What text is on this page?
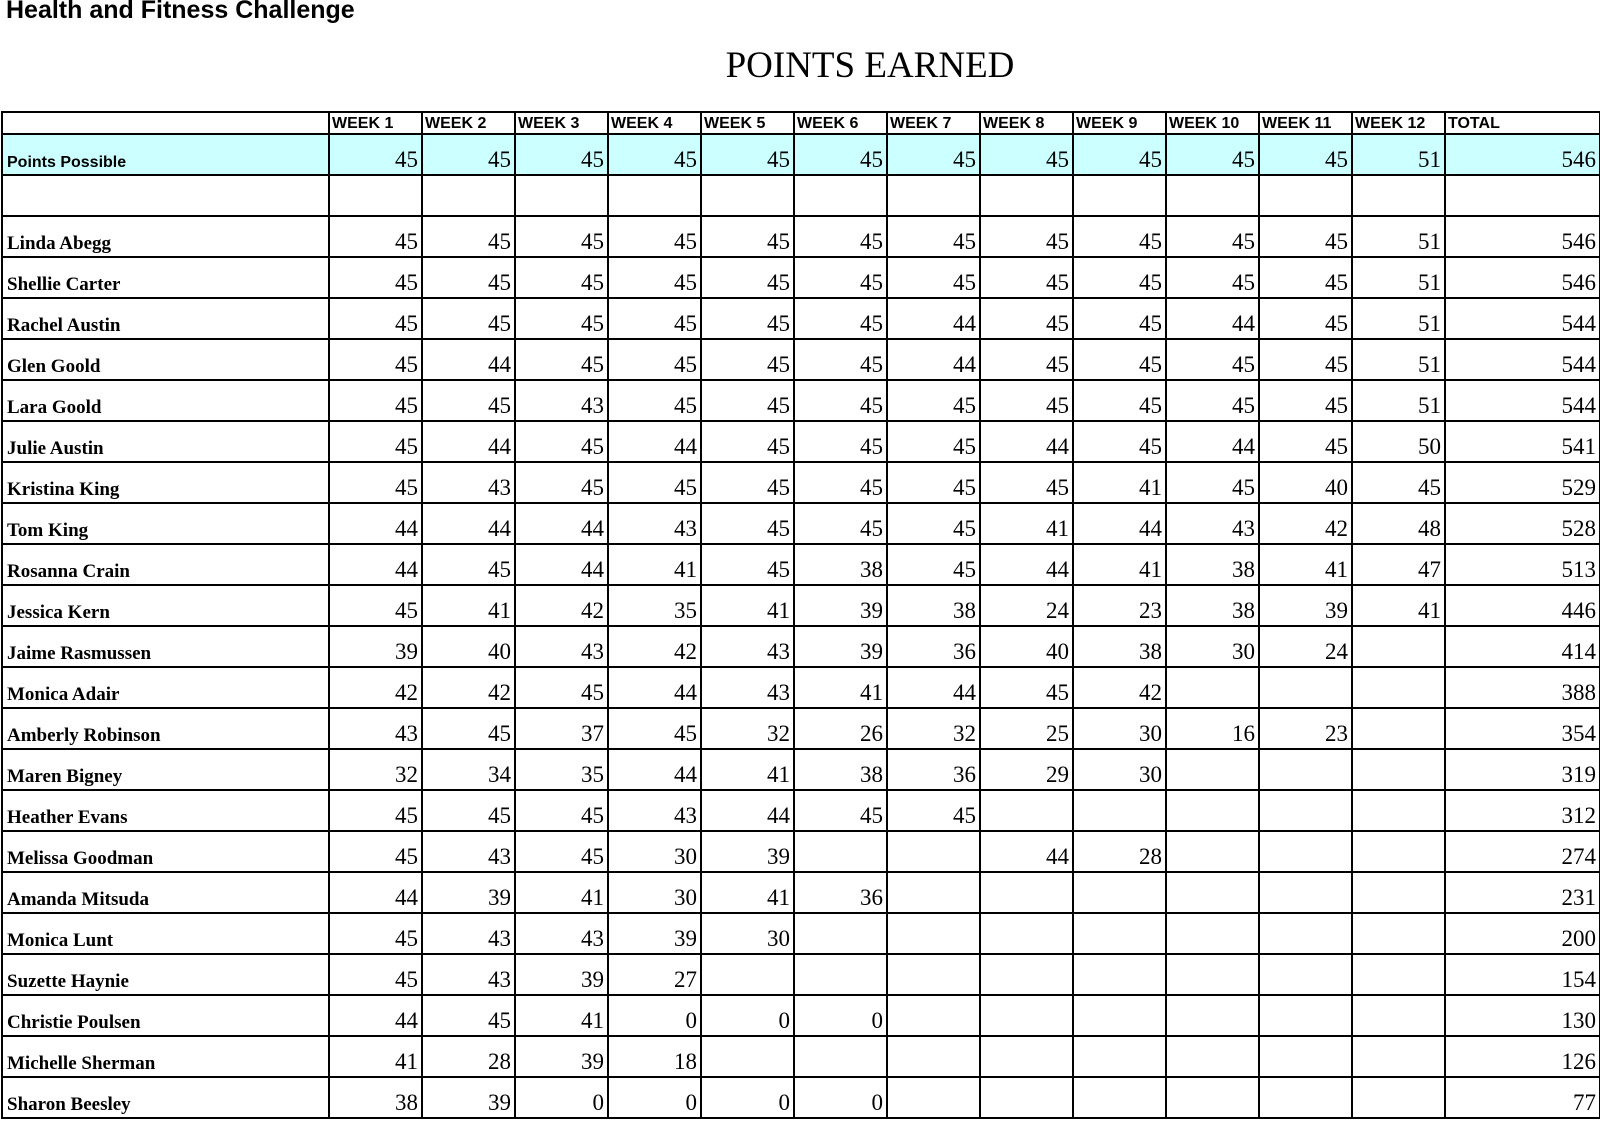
Health and Fitness Challenge
POINTS EARNED
	WEEK 1	WEEK 2	WEEK 3	WEEK 4	WEEK 5	WEEK 6	WEEK 7	WEEK 8	WEEK 9	WEEK 10	WEEK 11	WEEK 12	TOTAL
Points Possible	45	45	45	45	45	45	45	45	45	45	45	51	546

Linda Abegg	45	45	45	45	45	45	45	45	45	45	45	51	546
Shellie Carter	45	45	45	45	45	45	45	45	45	45	45	51	546
Rachel Austin	45	45	45	45	45	45	44	45	45	44	45	51	544
Glen Goold	45	44	45	45	45	45	44	45	45	45	45	51	544
Lara Goold	45	45	43	45	45	45	45	45	45	45	45	51	544
Julie Austin	45	44	45	44	45	45	45	44	45	44	45	50	541
Kristina King	45	43	45	45	45	45	45	45	41	45	40	45	529
Tom King	44	44	44	43	45	45	45	41	44	43	42	48	528
Rosanna Crain	44	45	44	41	45	38	45	44	41	38	41	47	513
Jessica Kern	45	41	42	35	41	39	38	24	23	38	39	41	446
Jaime Rasmussen	39	40	43	42	43	39	36	40	38	30	24		414
Monica Adair	42	42	45	44	43	41	44	45	42				388
Amberly Robinson	43	45	37	45	32	26	32	25	30	16	23		354
Maren Bigney	32	34	35	44	41	38	36	29	30				319
Heather Evans	45	45	45	43	44	45	45						312
Melissa Goodman	45	43	45	30	39			44	28				274
Amanda Mitsuda	44	39	41	30	41	36							231
Monica Lunt	45	43	43	39	30								200
Suzette Haynie	45	43	39	27									154
Christie Poulsen	44	45	41	0	0	0							130
Michelle Sherman	41	28	39	18									126
Sharon Beesley	38	39	0	0	0	0							77
